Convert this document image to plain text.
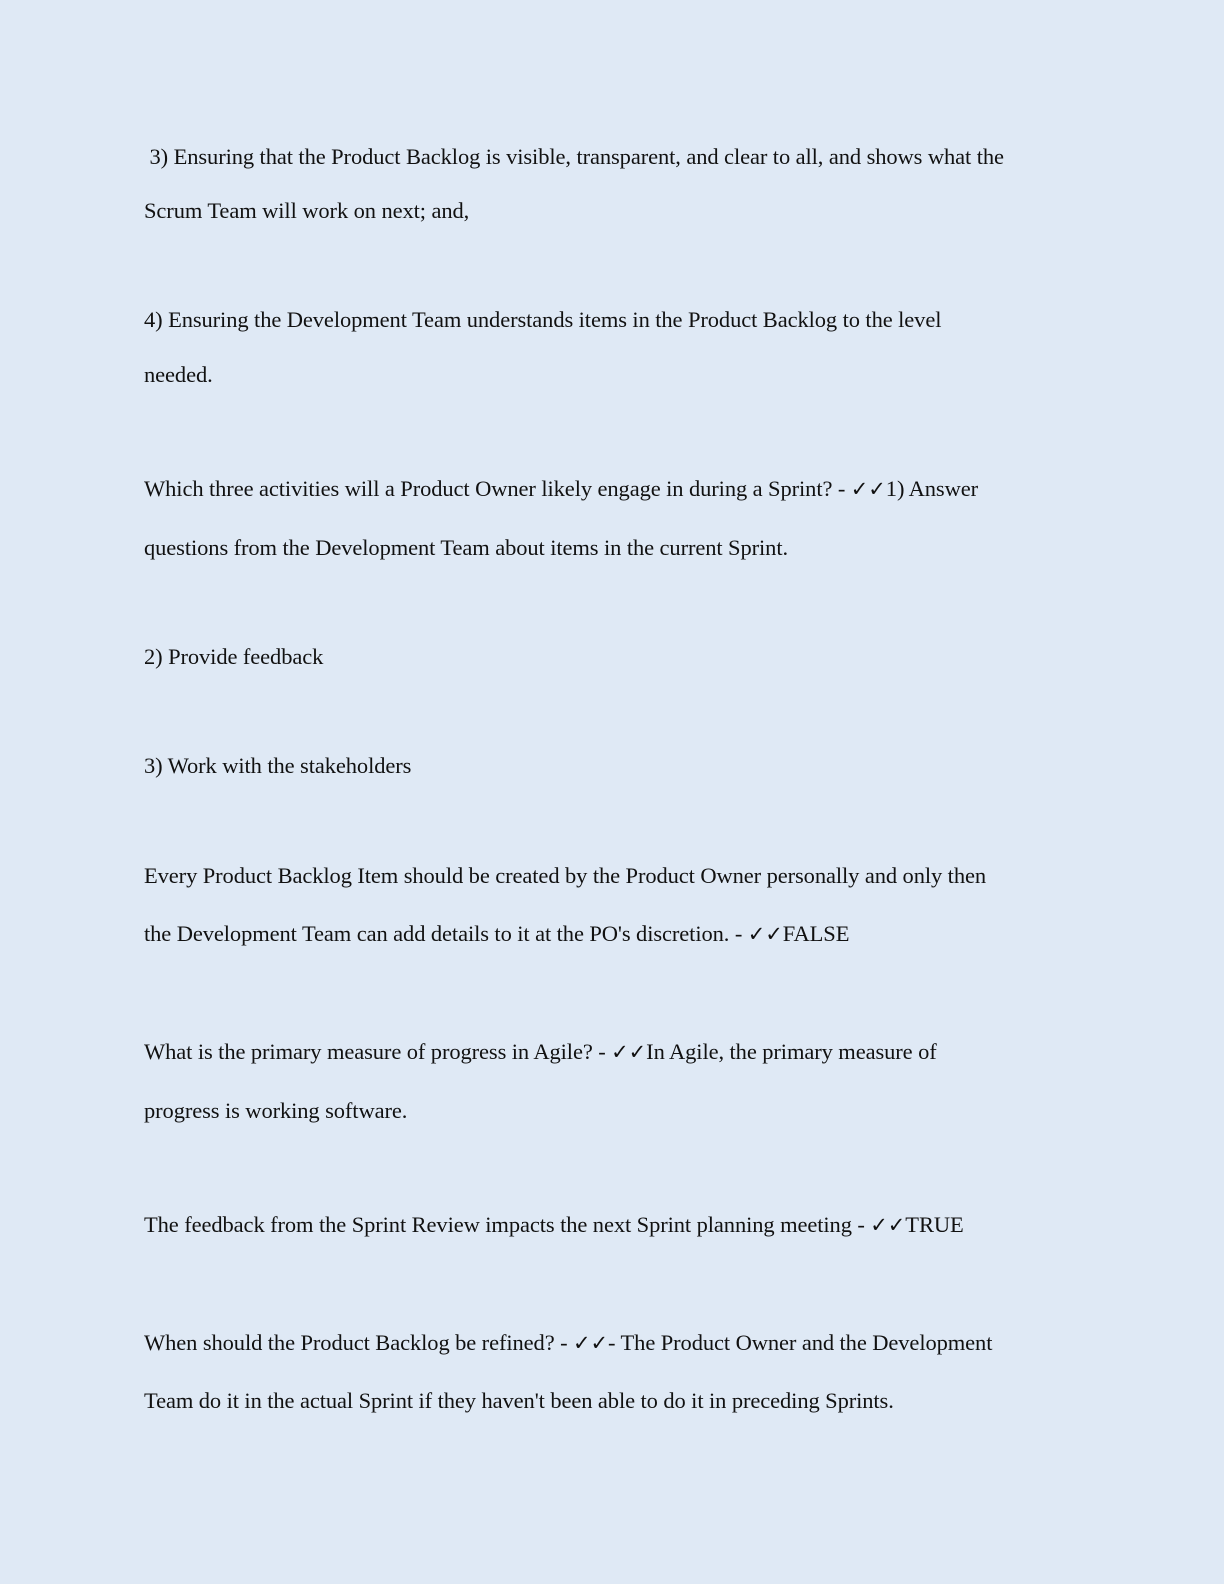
3) Ensuring that the Product Backlog is visible, transparent, and clear to all, and shows what the
Scrum Team will work on next; and,
4) Ensuring the Development Team understands items in the Product Backlog to the level
needed.
Which three activities will a Product Owner likely engage in during a Sprint? - ✓✓1) Answer
questions from the Development Team about items in the current Sprint.
2) Provide feedback
3) Work with the stakeholders
Every Product Backlog Item should be created by the Product Owner personally and only then
the Development Team can add details to it at the PO's discretion. - ✓✓FALSE
What is the primary measure of progress in Agile? - ✓✓In Agile, the primary measure of
progress is working software.
The feedback from the Sprint Review impacts the next Sprint planning meeting - ✓✓TRUE
When should the Product Backlog be refined? - ✓✓- The Product Owner and the Development
Team do it in the actual Sprint if they haven't been able to do it in preceding Sprints.
